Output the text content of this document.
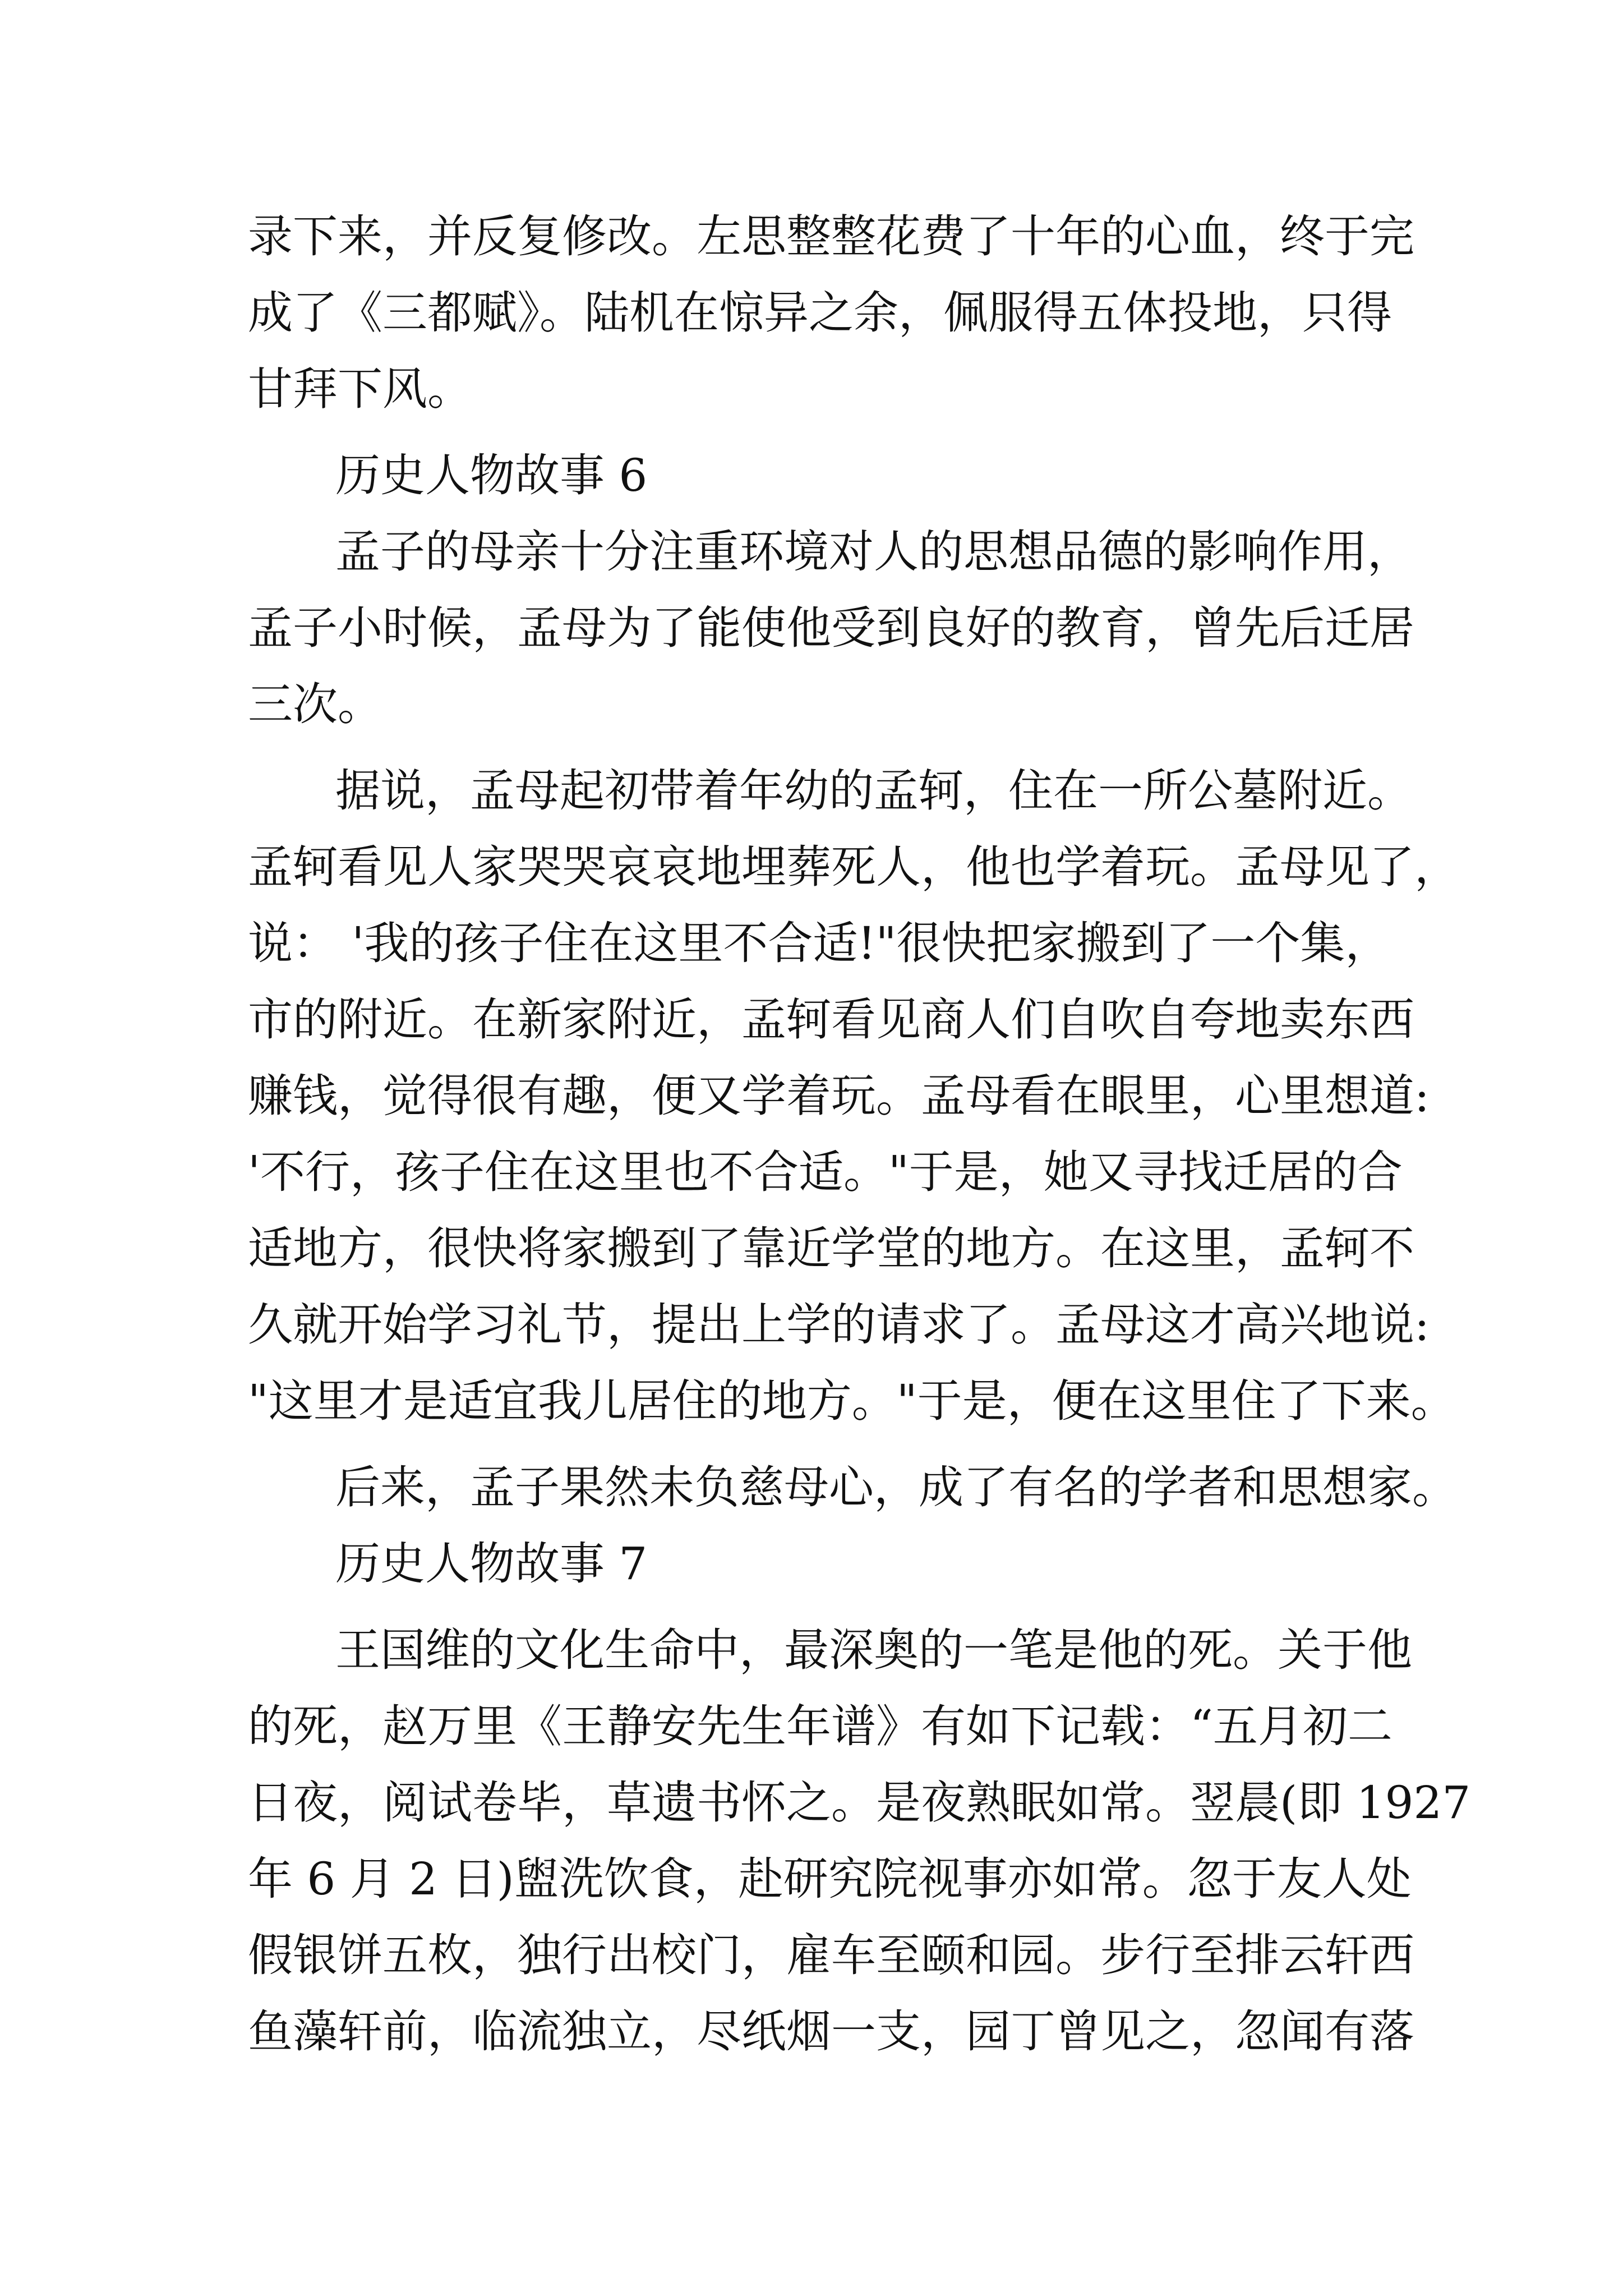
录下来，并反复修改。左思整整花费了十年的心血，终于完
成了《三都赋》。陆机在惊异之余，佩服得五体投地，只得
甘拜下风。
历史人物故事 6
孟子的母亲十分注重环境对人的思想品德的影响作用，
孟子小时候，孟母为了能使他受到良好的教育，曾先后迁居
三次。
据说，孟母起初带着年幼的孟轲，住在一所公墓附近。
孟轲看见人家哭哭哀哀地埋葬死人，他也学着玩。孟母见了，
说： '我的孩子住在这里不合适!"很快把家搬到了一个集，
市的附近。在新家附近，孟轲看见商人们自吹自夸地卖东西
赚钱，觉得很有趣，便又学着玩。孟母看在眼里，心里想道:
'不行，孩子住在这里也不合适。"于是，她又寻找迁居的合
适地方，很快将家搬到了靠近学堂的地方。在这里，孟轲不
久就开始学习礼节，提出上学的请求了。孟母这才高兴地说:
"这里才是适宜我儿居住的地方。"于是，便在这里住了下来。
后来，孟子果然未负慈母心，成了有名的学者和思想家。
历史人物故事 7
王国维的文化生命中，最深奥的一笔是他的死。关于他
的死，赵万里《王静安先生年谱》有如下记载：“五月初二
日夜，阅试卷毕，草遗书怀之。是夜熟眠如常。翌晨(即 1927
年 6 月 2 日)盥洗饮食，赴研究院视事亦如常。忽于友人处
假银饼五枚，独行出校门，雇车至颐和园。步行至排云轩西
鱼藻轩前，临流独立，尽纸烟一支，园丁曾见之，忽闻有落
